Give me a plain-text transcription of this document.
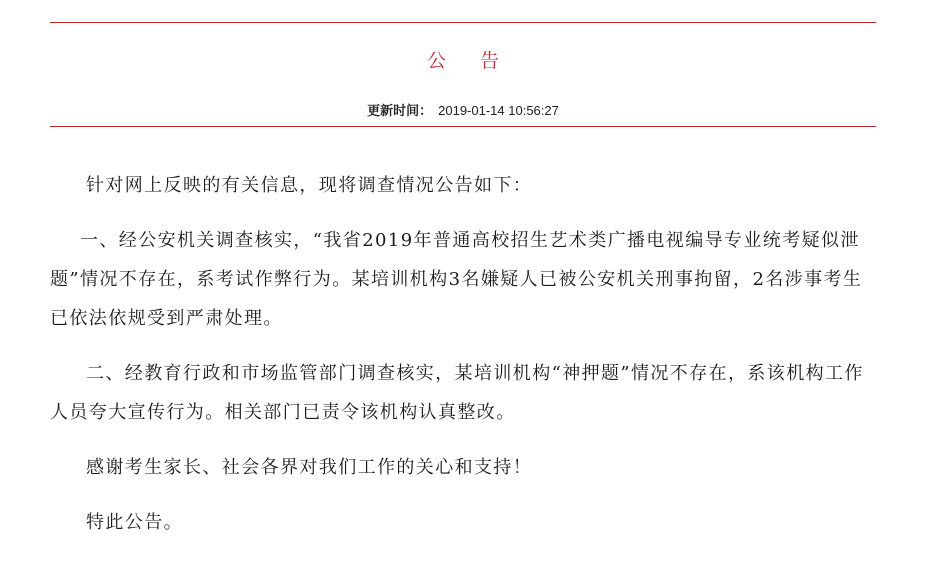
公 告
更新时间： 2019-01-14 10:56:27

针对网上反映的有关信息，现将调查情况公告如下：

一、经公安机关调查核实，“我省2019年普通高校招生艺术类广播电视编导专业统考疑似泄题”情况不存在，系考试作弊行为。某培训机构3名嫌疑人已被公安机关刑事拘留，2名涉事考生已依法依规受到严肃处理。

二、经教育行政和市场监管部门调查核实，某培训机构“神押题”情况不存在，系该机构工作人员夸大宣传行为。相关部门已责令该机构认真整改。

感谢考生家长、社会各界对我们工作的关心和支持！

特此公告。
